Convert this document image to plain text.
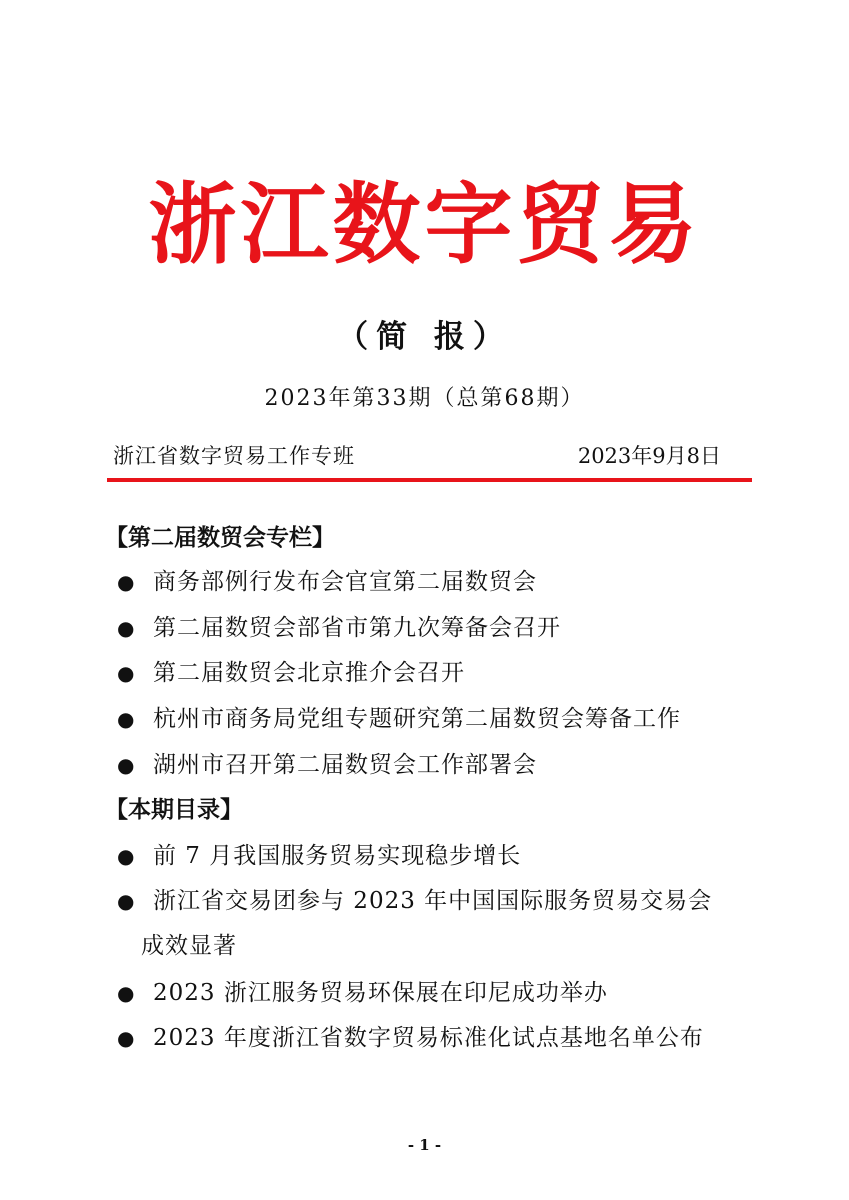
浙江数字贸易
（简 报）
2023年第33期（总第68期）
浙江省数字贸易工作专班	2023年9月8日
【第二届数贸会专栏】
● 商务部例行发布会官宣第二届数贸会
● 第二届数贸会部省市第九次筹备会召开
● 第二届数贸会北京推介会召开
● 杭州市商务局党组专题研究第二届数贸会筹备工作
● 湖州市召开第二届数贸会工作部署会
【本期目录】
● 前 7 月我国服务贸易实现稳步增长
● 浙江省交易团参与 2023 年中国国际服务贸易交易会
成效显著
● 2023 浙江服务贸易环保展在印尼成功举办
● 2023 年度浙江省数字贸易标准化试点基地名单公布
- 1 -
